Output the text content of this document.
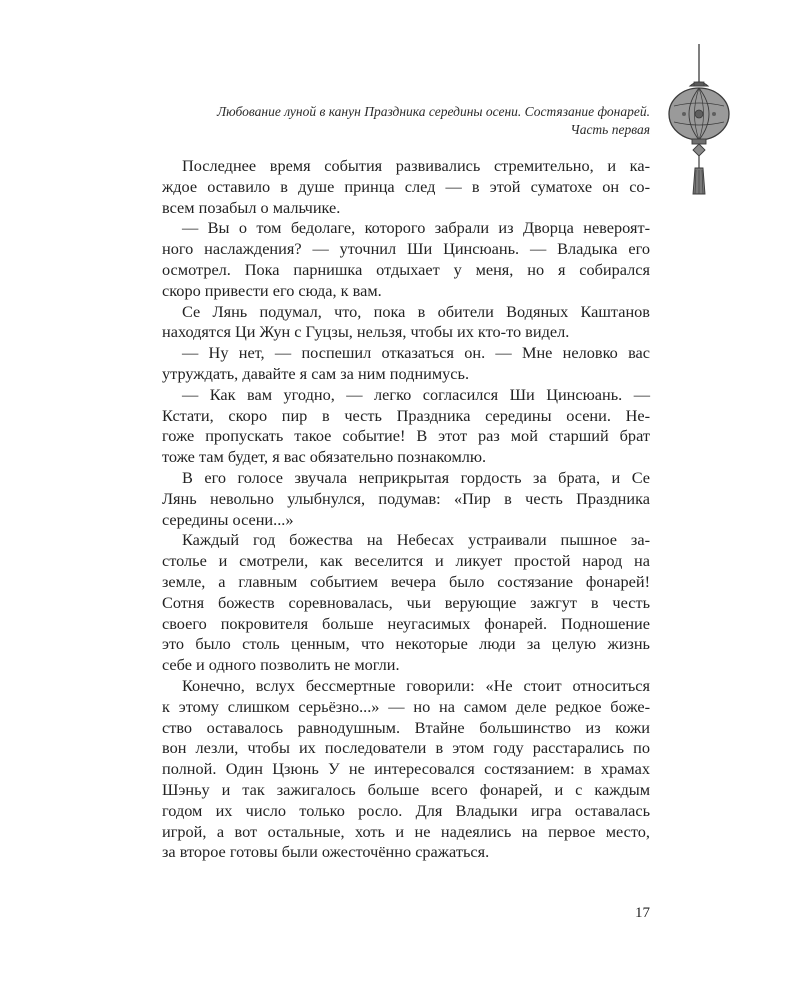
Любование луной в канун Праздника середины осени. Состязание фонарей.
Часть первая
Последнее время события развивались стремительно, и ка-
ждое оставило в душе принца след — в этой суматохе он со-
всем позабыл о мальчике.
— Вы о том бедолаге, которого забрали из Дворца невероят-
ного наслаждения? — уточнил Ши Цинсюань. — Владыка его
осмотрел. Пока парнишка отдыхает у меня, но я собирался
скоро привести его сюда, к вам.
Се Лянь подумал, что, пока в обители Водяных Каштанов
находятся Ци Жун с Гуцзы, нельзя, чтобы их кто-то видел.
— Ну нет, — поспешил отказаться он. — Мне неловко вас
утруждать, давайте я сам за ним поднимусь.
— Как вам угодно, — легко согласился Ши Цинсюань. —
Кстати, скоро пир в честь Праздника середины осени. Не-
гоже пропускать такое событие! В этот раз мой старший брат
тоже там будет, я вас обязательно познакомлю.
В его голосе звучала неприкрытая гордость за брата, и Се
Лянь невольно улыбнулся, подумав: «Пир в честь Праздника
середины осени...»
Каждый год божества на Небесах устраивали пышное за-
стольe и смотрели, как веселится и ликует простой народ на
земле, а главным событием вечера было состязание фонарей!
Сотня божеств соревновалась, чьи верующие зажгут в честь
своего покровителя больше неугасимых фонарей. Подношение
это было столь ценным, что некоторые люди за целую жизнь
себе и одного позволить не могли.
Конечно, вслух бессмертные говорили: «Не стоит относиться
к этому слишком серьёзно...» — но на самом деле редкое боже-
ство оставалось равнодушным. Втайне большинство из кожи
вон лезли, чтобы их последователи в этом году расстарались по
полной. Один Цзюнь У не интересовался состязанием: в храмах
Шэньу и так зажигалось больше всего фонарей, и с каждым
годом их число только росло. Для Владыки игра оставалась
игрой, а вот остальные, хоть и не надеялись на первое место,
за второе готовы были ожесточённо сражаться.
17
